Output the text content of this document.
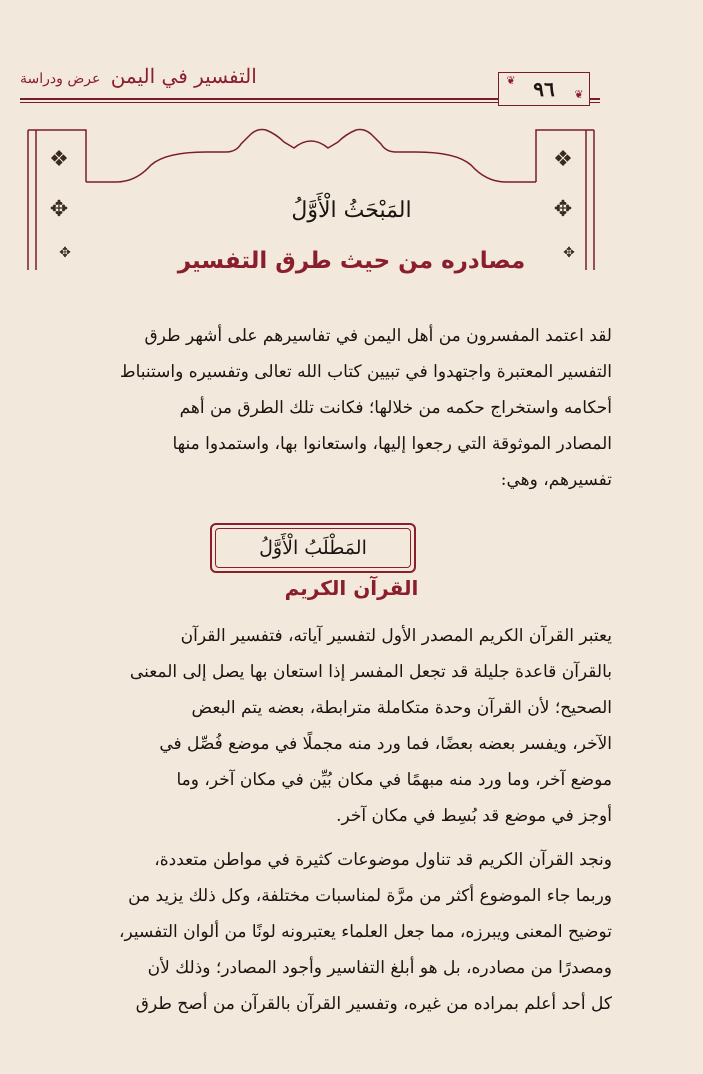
التفسير في اليمن عرض ودراسة	٩٦
❦
❦
❖
✥
✥
❖
✥
✥
المَبْحَثُ الْأَوَّلُ
مصادره من حيث طرق التفسير
لقد اعتمد المفسرون من أهل اليمن في تفاسيرهم على أشهر طرق
التفسير المعتبرة واجتهدوا في تبيين كتاب الله تعالى وتفسيره واستنباط
أحكامه واستخراج حكمه من خلالها؛ فكانت تلك الطرق من أهم
المصادر الموثوقة التي رجعوا إليها، واستعانوا بها، واستمدوا منها
تفسيرهم، وهي:
المَطْلَبُ الْأَوَّلُ
القرآن الكريم
يعتبر القرآن الكريم المصدر الأول لتفسير آياته، فتفسير القرآن
بالقرآن قاعدة جليلة قد تجعل المفسر إذا استعان بها يصل إلى المعنى
الصحيح؛ لأن القرآن وحدة متكاملة مترابطة، بعضه يتم البعض
الآخر، ويفسر بعضه بعضًا، فما ورد منه مجملًا في موضع فُصِّل في
موضع آخر، وما ورد منه مبهمًا في مكان بُيِّن في مكان آخر، وما
أوجز في موضع قد بُسِط في مكان آخر.
ونجد القرآن الكريم قد تناول موضوعات كثيرة في مواطن متعددة،
وربما جاء الموضوع أكثر من مرَّة لمناسبات مختلفة، وكل ذلك يزيد من
توضيح المعنى ويبرزه، مما جعل العلماء يعتبرونه لونًا من ألوان التفسير،
ومصدرًا من مصادره، بل هو أبلغ التفاسير وأجود المصادر؛ وذلك لأن
كل أحد أعلم بمراده من غيره، وتفسير القرآن بالقرآن من أصح طرق
